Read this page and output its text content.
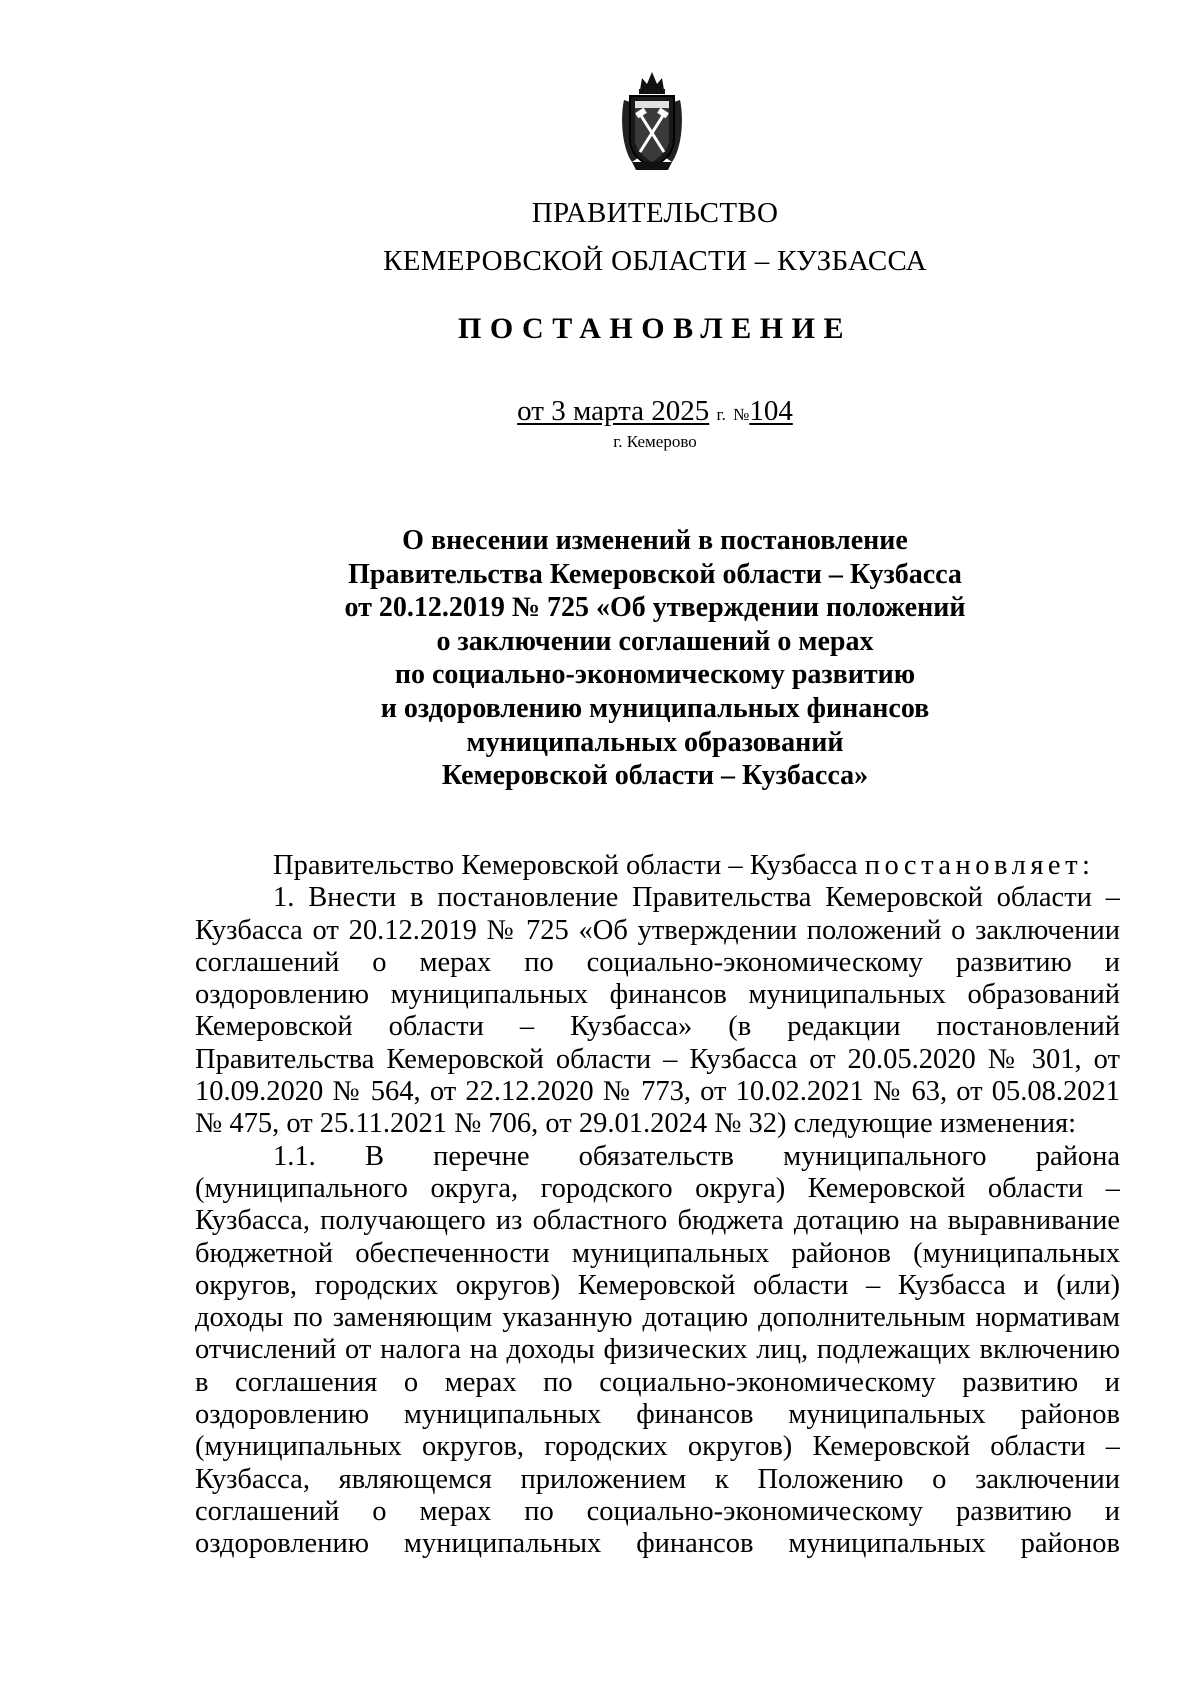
ПРАВИТЕЛЬСТВО
КЕМЕРОВСКОЙ ОБЛАСТИ – КУЗБАССА
ПОСТАНОВЛЕНИЕ
от 3 марта 2025 г. №104
г. Кемерово
О внесении изменений в постановление
Правительства Кемеровской области – Кузбасса
от 20.12.2019 № 725 «Об утверждении положений
о заключении соглашений о мерах
по социально-экономическому развитию
и оздоровлению муниципальных финансов
муниципальных образований
Кемеровской области – Кузбасса»
Правительство Кемеровской области – Кузбасса постановляет:
1. Внести в постановление Правительства Кемеровской области –
Кузбасса от 20.12.2019 № 725 «Об утверждении положений о заключении
соглашений о мерах по социально-экономическому развитию и
оздоровлению муниципальных финансов муниципальных образований
Кемеровской области – Кузбасса» (в редакции постановлений
Правительства Кемеровской области – Кузбасса от 20.05.2020 № 301, от
10.09.2020 № 564, от 22.12.2020 № 773, от 10.02.2021 № 63, от 05.08.2021
№ 475, от 25.11.2021 № 706, от 29.01.2024 № 32) следующие изменения:
1.1. В перечне обязательств муниципального района
(муниципального округа, городского округа) Кемеровской области –
Кузбасса, получающего из областного бюджета дотацию на выравнивание
бюджетной обеспеченности муниципальных районов (муниципальных
округов, городских округов) Кемеровской области – Кузбасса и (или)
доходы по заменяющим указанную дотацию дополнительным нормативам
отчислений от налога на доходы физических лиц, подлежащих включению
в соглашения о мерах по социально-экономическому развитию и
оздоровлению муниципальных финансов муниципальных районов
(муниципальных округов, городских округов) Кемеровской области –
Кузбасса, являющемся приложением к Положению о заключении
соглашений о мерах по социально-экономическому развитию и
оздоровлению муниципальных финансов муниципальных районов
